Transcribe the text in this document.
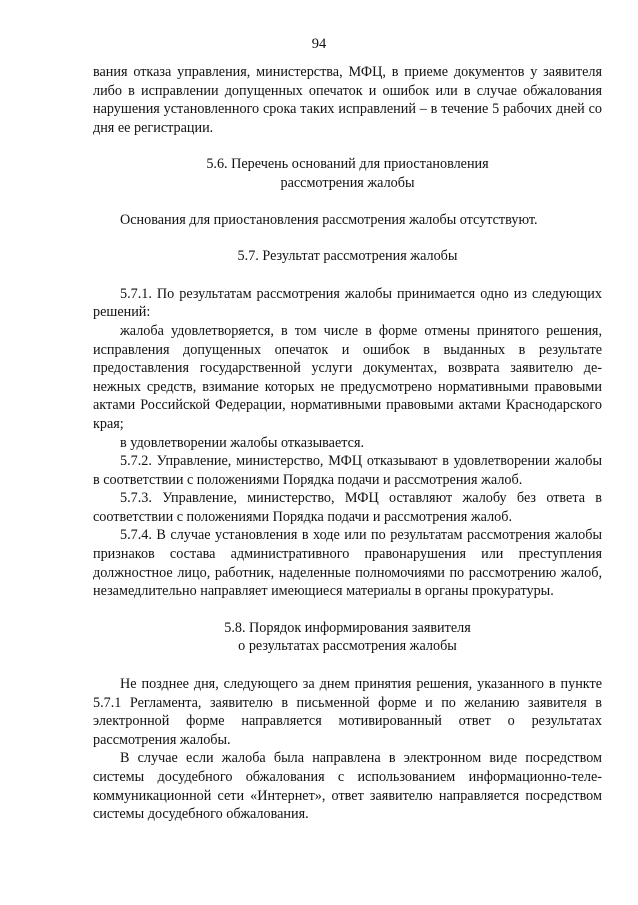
94

вания отказа управления, министерства, МФЦ, в приеме документов у заявителя либо в исправлении допущенных опечаток и ошибок или в случае обжалования нарушения установленного срока таких исправлений – в течение 5 рабочих дней со дня ее регистрации.

5.6. Перечень оснований для приостановления
рассмотрения жалобы

Основания для приостановления рассмотрения жалобы отсутствуют.

5.7. Результат рассмотрения жалобы

5.7.1. По результатам рассмотрения жалобы принимается одно из следующих решений:

жалоба удовлетворяется, в том числе в форме отмены принятого решения, исправления допущенных опечаток и ошибок в выданных в результате предоставления государственной услуги документах, возврата заявителю денежных средств, взимание которых не предусмотрено нормативными правовыми актами Российской Федерации, нормативными правовыми актами Краснодарского края;

в удовлетворении жалобы отказывается.

5.7.2. Управление, министерство, МФЦ отказывают в удовлетворении жалобы в соответствии с положениями Порядка подачи и рассмотрения жалоб.

5.7.3. Управление, министерство, МФЦ оставляют жалобу без ответа в соответствии с положениями Порядка подачи и рассмотрения жалоб.

5.7.4. В случае установления в ходе или по результатам рассмотрения жалобы признаков состава административного правонарушения или преступления должностное лицо, работник, наделенные полномочиями по рассмотрению жалоб, незамедлительно направляет имеющиеся материалы в органы прокуратуры.

5.8. Порядок информирования заявителя
о результатах рассмотрения жалобы

Не позднее дня, следующего за днем принятия решения, указанного в пункте 5.7.1 Регламента, заявителю в письменной форме и по желанию заявителя в электронной форме направляется мотивированный ответ о результатах рассмотрения жалобы.

В случае если жалоба была направлена в электронном виде посредством системы досудебного обжалования с использованием информационно-телекоммуникационной сети «Интернет», ответ заявителю направляется посредством системы досудебного обжалования.
